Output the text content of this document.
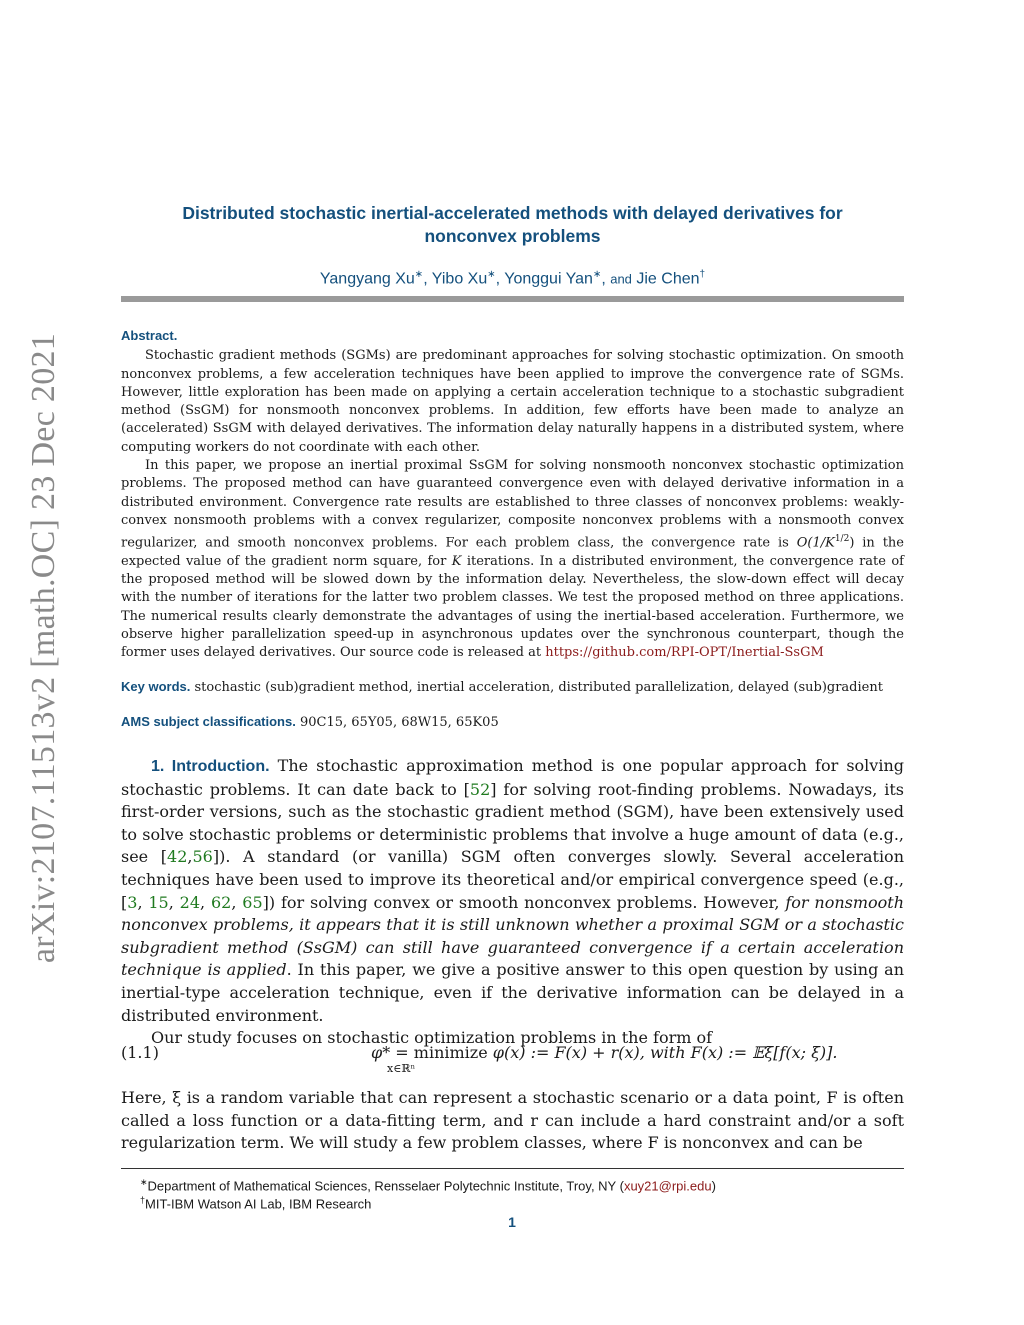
arXiv:2107.11513v2 [math.OC] 23 Dec 2021
Distributed stochastic inertial-accelerated methods with delayed derivatives for
nonconvex problems
Yangyang Xu∗, Yibo Xu∗, Yonggui Yan∗, and Jie Chen†
Abstract.

Stochastic gradient methods (SGMs) are predominant approaches for solving stochastic optimization. On smooth nonconvex problems, a few acceleration techniques have been applied to improve the convergence rate of SGMs. However, little exploration has been made on applying a certain acceleration technique to a stochastic subgradient method (SsGM) for nonsmooth nonconvex problems. In addition, few efforts have been made to analyze an (accelerated) SsGM with delayed derivatives. The information delay naturally happens in a distributed system, where computing workers do not coordinate with each other.

In this paper, we propose an inertial proximal SsGM for solving nonsmooth nonconvex stochastic optimization problems. The proposed method can have guaranteed convergence even with delayed derivative information in a distributed environment. Convergence rate results are established to three classes of nonconvex problems: weakly-convex nonsmooth problems with a convex regularizer, composite nonconvex problems with a nonsmooth convex regularizer, and smooth nonconvex problems. For each problem class, the convergence rate is $O(1/K^{1/2})$ in the expected value of the gradient norm square, for K iterations. In a distributed environment, the convergence rate of the proposed method will be slowed down by the information delay. Nevertheless, the slow-down effect will decay with the number of iterations for the latter two problem classes. We test the proposed method on three applications. The numerical results clearly demonstrate the advantages of using the inertial-based acceleration. Furthermore, we observe higher parallelization speed-up in asynchronous updates over the synchronous counterpart, though the former uses delayed derivatives. Our source code is released at https://github.com/RPI-OPT/Inertial-SsGM

Key words. stochastic (sub)gradient method, inertial acceleration, distributed parallelization, delayed (sub)gradient
AMS subject classifications. 90C15, 65Y05, 68W15, 65K05

1. Introduction. The stochastic approximation method is one popular approach for solving stochastic problems. It can date back to [52] for solving root-finding problems. Nowadays, its first-order versions, such as the stochastic gradient method (SGM), have been extensively used to solve stochastic problems or deterministic problems that involve a huge amount of data (e.g., see [42,56]). A standard (or vanilla) SGM often converges slowly. Several acceleration techniques have been used to improve its theoretical and/or empirical convergence speed (e.g., [3, 15, 24, 62, 65]) for solving convex or smooth nonconvex problems. However, for nonsmooth nonconvex problems, it appears that it is still unknown whether a proximal SGM or a stochastic subgradient method (SsGM) can still have guaranteed convergence if a certain acceleration technique is applied. In this paper, we give a positive answer to this open question by using an inertial-type acceleration technique, even if the derivative information can be delayed in a distributed environment.

Our study focuses on stochastic optimization problems in the form of

(1.1)	φ* = minimize φ(x) := F(x) + r(x), with F(x) := 𝔼ξ[f(x; ξ)].
x∈ℝⁿ

Here, ξ is a random variable that can represent a stochastic scenario or a data point, F is often called a loss function or a data-fitting term, and r can include a hard constraint and/or a soft regularization term. We will study a few problem classes, where F is nonconvex and can be

∗Department of Mathematical Sciences, Rensselaer Polytechnic Institute, Troy, NY (xuy21@rpi.edu)
†MIT-IBM Watson AI Lab, IBM Research
1
